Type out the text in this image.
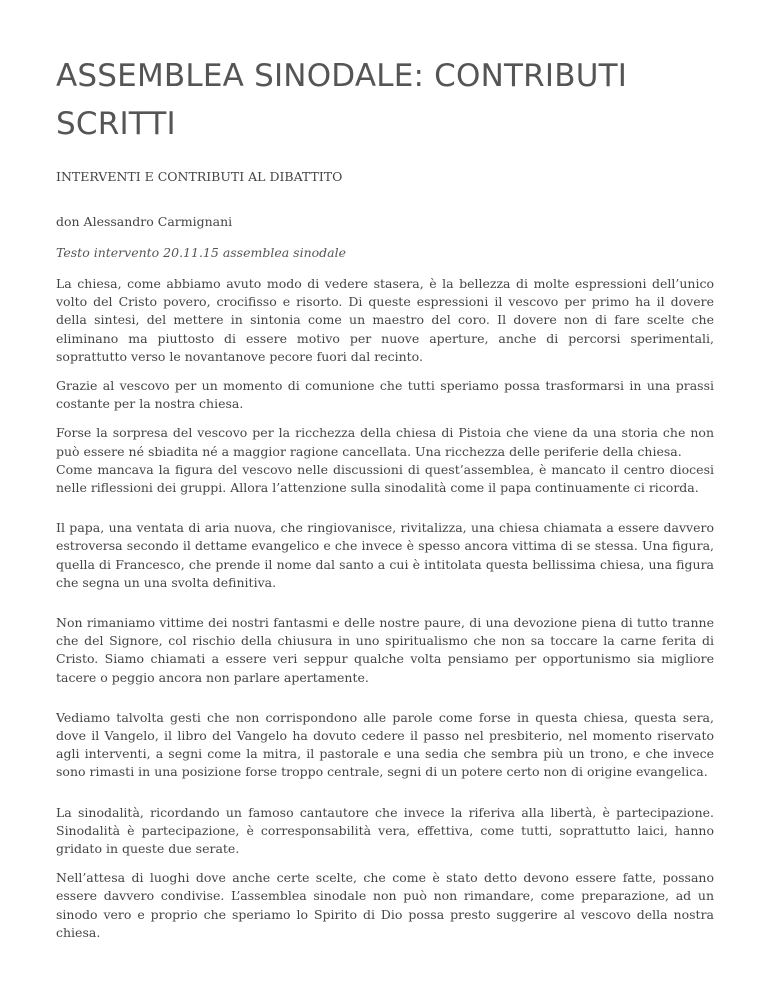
ASSEMBLEA SINODALE: CONTRIBUTI SCRITTI
INTERVENTI E CONTRIBUTI AL DIBATTITO
don Alessandro Carmignani
Testo intervento 20.11.15 assemblea sinodale

La chiesa, come abbiamo avuto modo di vedere stasera, è la bellezza di molte espressioni dell’unico volto del Cristo povero, crocifisso e risorto. Di queste espressioni il vescovo per primo ha il dovere della sintesi, del mettere in sintonia come un maestro del coro. Il dovere non di fare scelte che eliminano ma piuttosto di essere motivo per nuove aperture, anche di percorsi sperimentali, soprattutto verso le novantanove pecore fuori dal recinto.

Grazie al vescovo per un momento di comunione che tutti speriamo possa trasformarsi in una prassi costante per la nostra chiesa.

Forse la sorpresa del vescovo per la ricchezza della chiesa di Pistoia che viene da una storia che non può essere né sbiadita né a maggior ragione cancellata. Una ricchezza delle periferie della chiesa.
Come mancava la figura del vescovo nelle discussioni di quest’assemblea, è mancato il centro diocesi nelle riflessioni dei gruppi. Allora l’attenzione sulla sinodalità come il papa continuamente ci ricorda.

Il papa, una ventata di aria nuova, che ringiovanisce, rivitalizza, una chiesa chiamata a essere davvero estroversa secondo il dettame evangelico e che invece è spesso ancora vittima di se stessa. Una figura, quella di Francesco, che prende il nome dal santo a cui è intitolata questa bellissima chiesa, una figura che segna un una svolta definitiva.

Non rimaniamo vittime dei nostri fantasmi e delle nostre paure, di una devozione piena di tutto tranne che del Signore, col rischio della chiusura in uno spiritualismo che non sa toccare la carne ferita di Cristo. Siamo chiamati a essere veri seppur qualche volta pensiamo per opportunismo sia migliore tacere o peggio ancora non parlare apertamente.

Vediamo talvolta gesti che non corrispondono alle parole come forse in questa chiesa, questa sera, dove il Vangelo, il libro del Vangelo ha dovuto cedere il passo nel presbiterio, nel momento riservato agli interventi, a segni come la mitra, il pastorale e una sedia che sembra più un trono, e che invece sono rimasti in una posizione forse troppo centrale, segni di un potere certo non di origine evangelica.

La sinodalità, ricordando un famoso cantautore che invece la riferiva alla libertà, è partecipazione. Sinodalità è partecipazione, è corresponsabilità vera, effettiva, come tutti, soprattutto laici, hanno gridato in queste due serate.

Nell’attesa di luoghi dove anche certe scelte, che come è stato detto devono essere fatte, possano essere davvero condivise. L’assemblea sinodale non può non rimandare, come preparazione, ad un sinodo vero e proprio che speriamo lo Spirito di Dio possa presto suggerire al vescovo della nostra chiesa.
